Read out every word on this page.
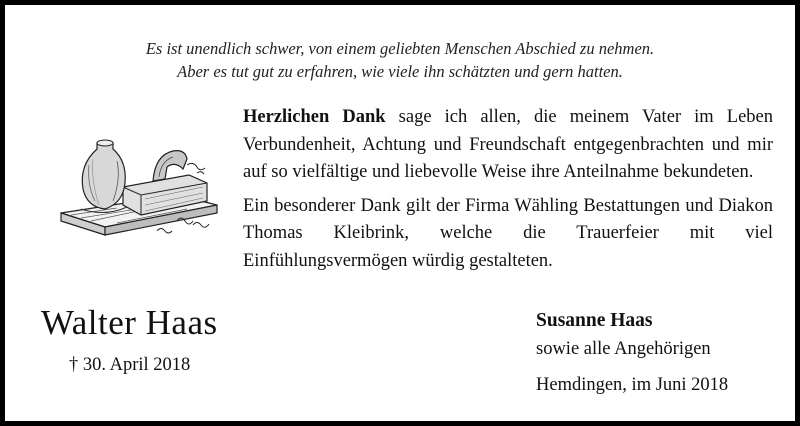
Es ist unendlich schwer, von einem geliebten Menschen Abschied zu nehmen.
Aber es tut gut zu erfahren, wie viele ihn schätzten und gern hatten.

Herzlichen Dank sage ich allen, die meinem Vater im Leben Verbundenheit, Achtung und Freundschaft entgegenbrachten und mir auf so vielfältige und liebevolle Weise ihre Anteilnahme bekundeten.

Ein besonderer Dank gilt der Firma Wähling Bestattungen und Diakon Thomas Kleibrink, welche die Trauerfeier mit viel Einfühlungsvermögen würdig gestalteten.

Walter Haas
† 30. April 2018
Susanne Haas
sowie alle Angehörigen
Hemdingen, im Juni 2018
